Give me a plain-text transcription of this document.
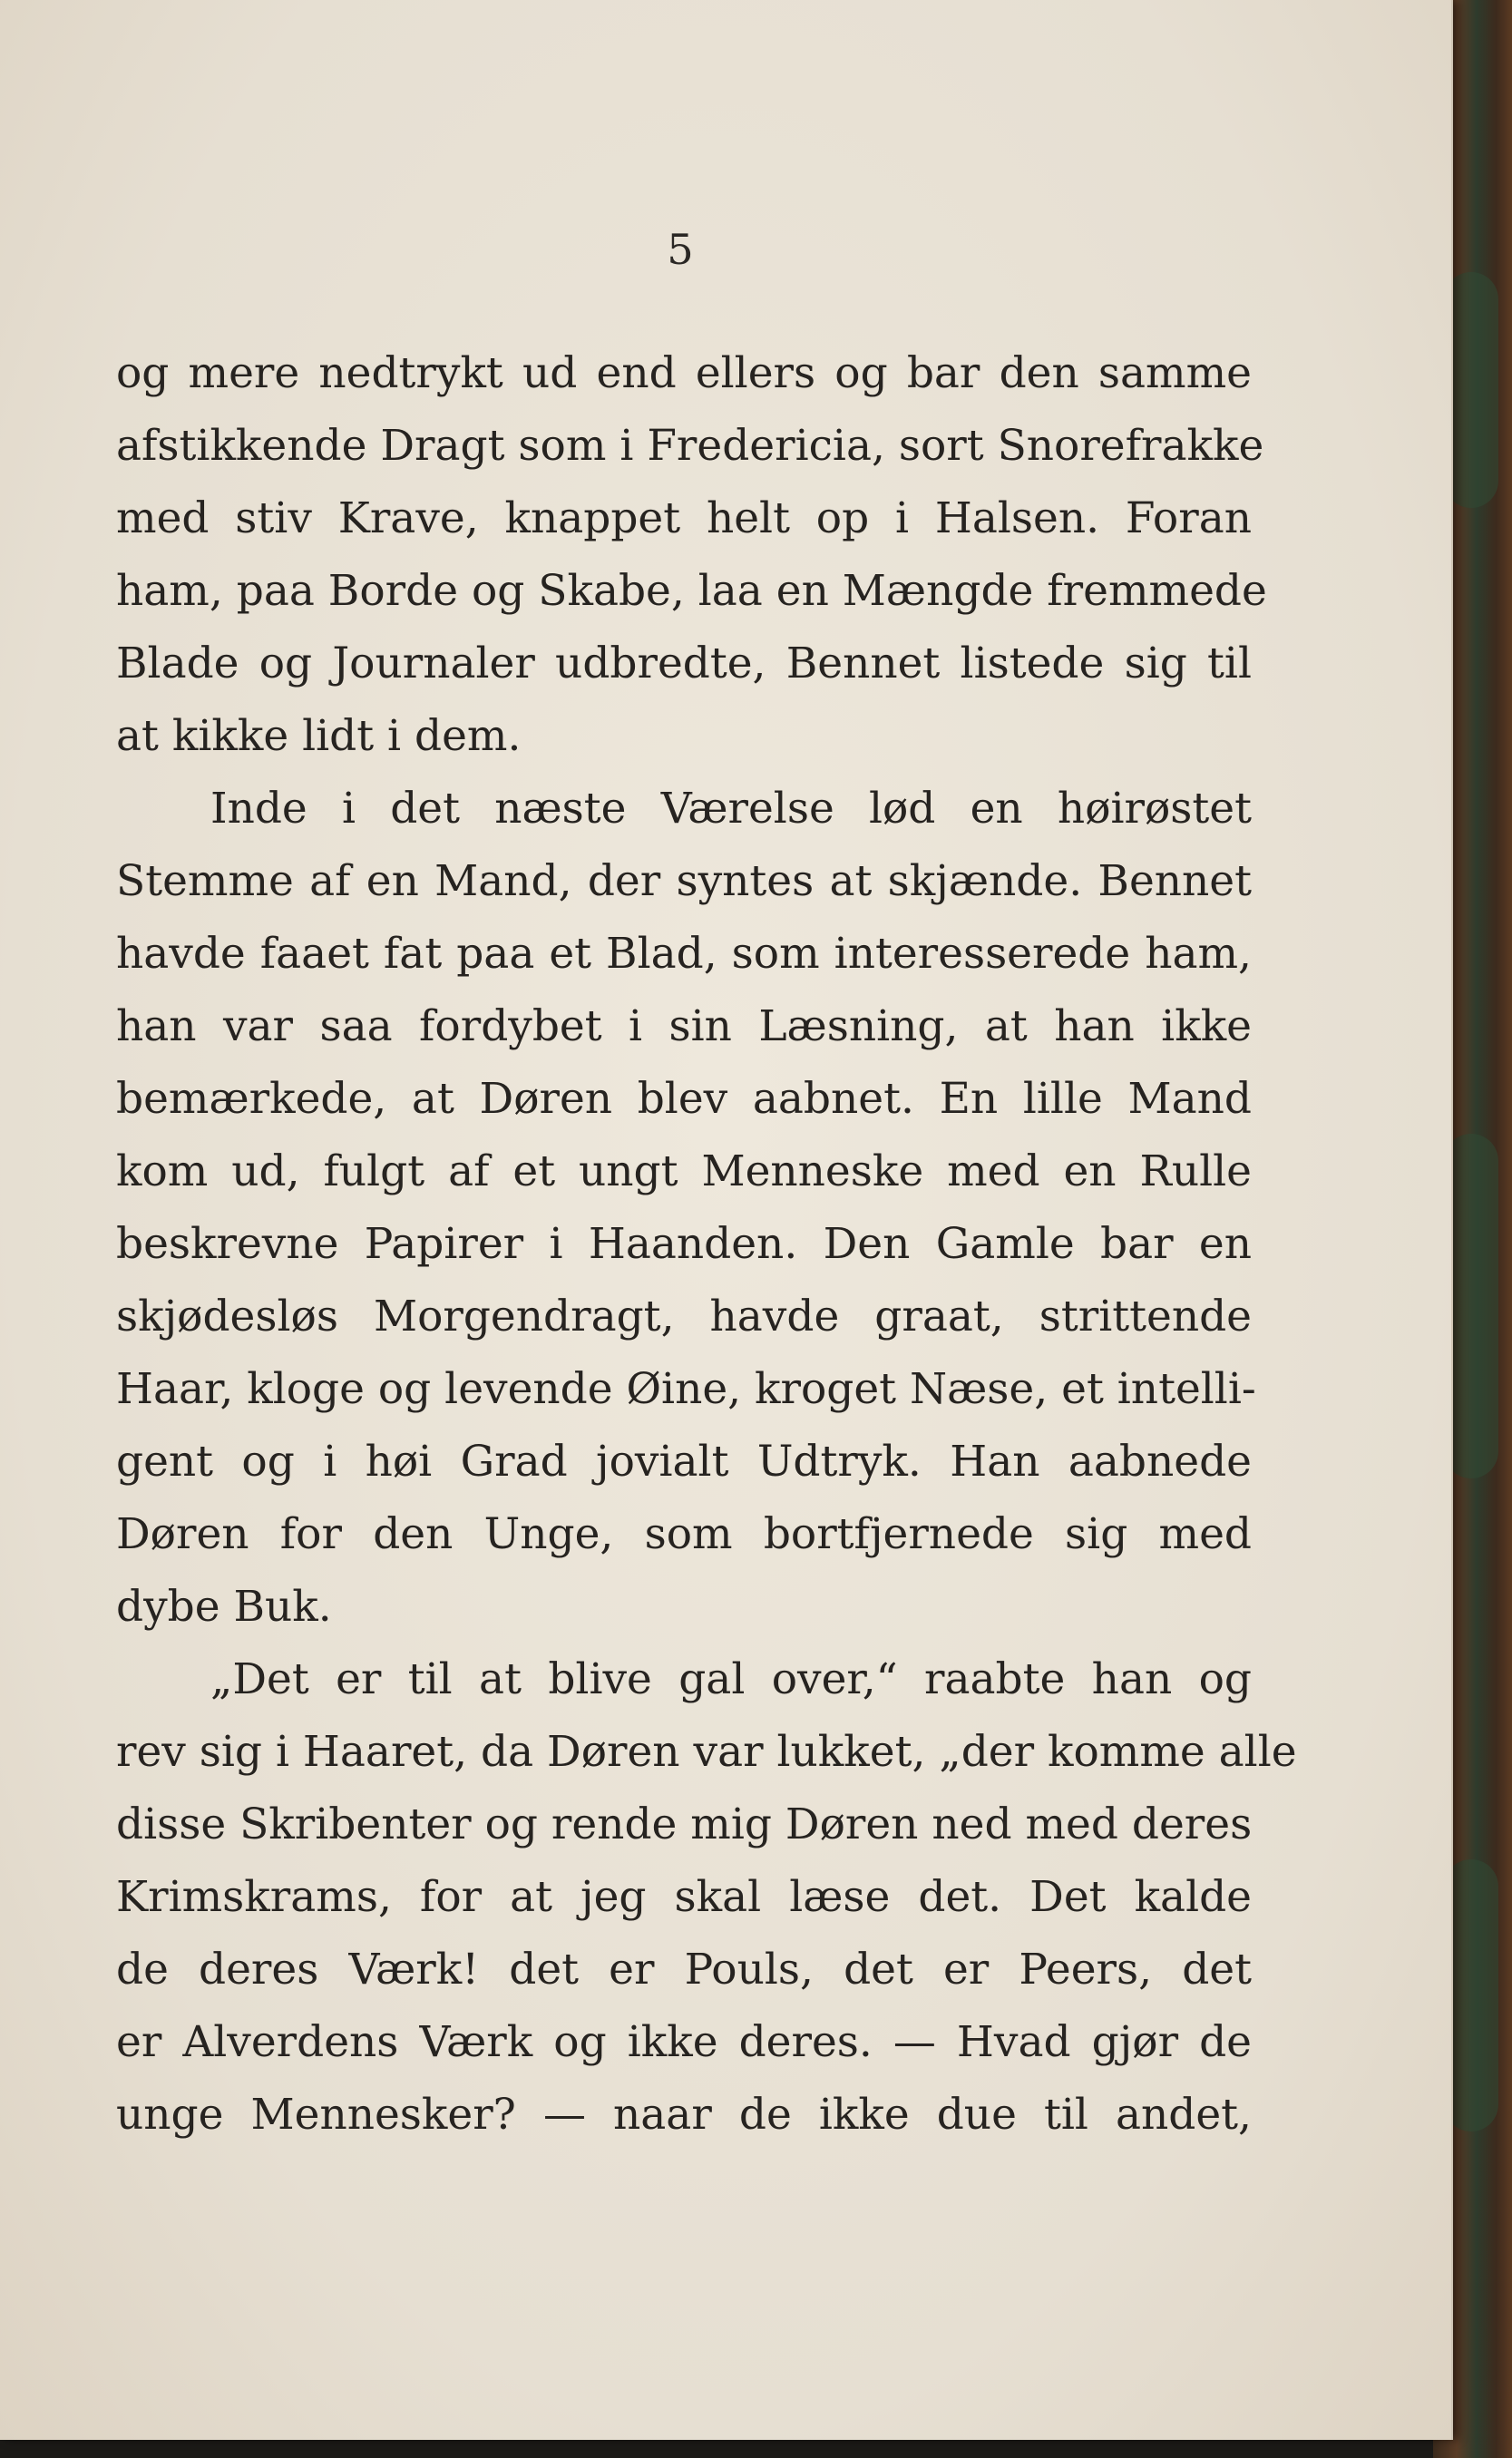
5
og mere nedtrykt ud end ellers og bar den samme
afstikkende Dragt som i Fredericia, sort Snorefrakke
med stiv Krave, knappet helt op i Halsen. Foran
ham, paa Borde og Skabe, laa en Mængde fremmede
Blade og Journaler udbredte, Bennet listede sig til
at kikke lidt i dem.
Inde i det næste Værelse lød en høirøstet
Stemme af en Mand, der syntes at skjænde. Bennet
havde faaet fat paa et Blad, som interesserede ham,
han var saa fordybet i sin Læsning, at han ikke
bemærkede, at Døren blev aabnet. En lille Mand
kom ud, fulgt af et ungt Menneske med en Rulle
beskrevne Papirer i Haanden. Den Gamle bar en
skjødesløs Morgendragt, havde graat, strittende
Haar, kloge og levende Øine, kroget Næse, et intelli-
gent og i høi Grad jovialt Udtryk. Han aabnede
Døren for den Unge, som bortfjernede sig med
dybe Buk.
„Det er til at blive gal over,“ raabte han og
rev sig i Haaret, da Døren var lukket, „der komme alle
disse Skribenter og rende mig Døren ned med deres
Krimskrams, for at jeg skal læse det. Det kalde
de deres Værk! det er Pouls, det er Peers, det
er Alverdens Værk og ikke deres. — Hvad gjør de
unge Mennesker? — naar de ikke due til andet,
